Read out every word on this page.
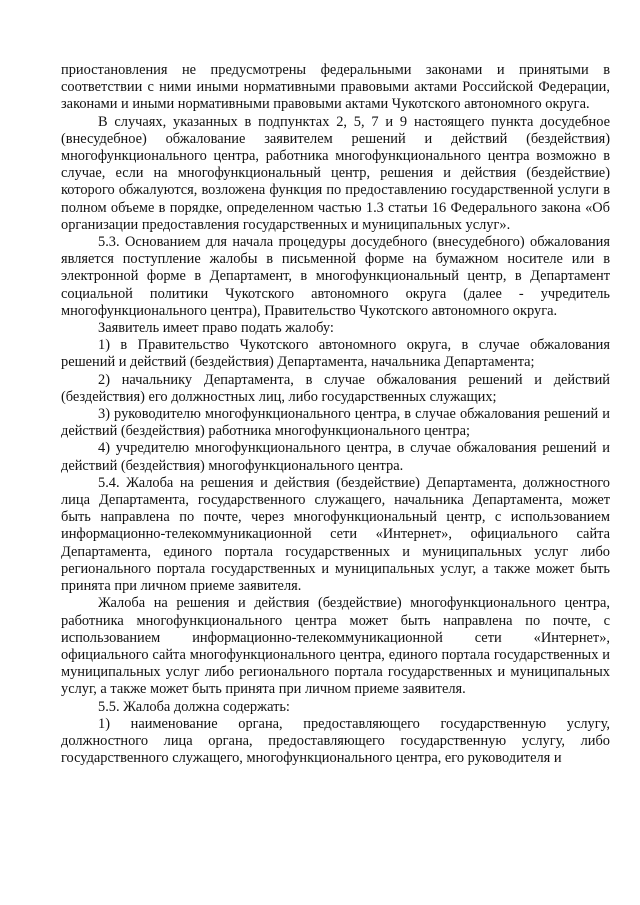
приостановления не предусмотрены федеральными законами и принятыми в соответствии с ними иными нормативными правовыми актами Российской Федерации, законами и иными нормативными правовыми актами Чукотского автономного округа.

В случаях, указанных в подпунктах 2, 5, 7 и 9 настоящего пункта досудебное (внесудебное) обжалование заявителем решений и действий (бездействия) многофункционального центра, работника многофункционального центра возможно в случае, если на многофункциональный центр, решения и действия (бездействие) которого обжалуются, возложена функция по предоставлению государственной услуги в полном объеме в порядке, определенном частью 1.3 статьи 16 Федерального закона «Об организации предоставления государственных и муниципальных услуг».

5.3. Основанием для начала процедуры досудебного (внесудебного) обжалования является поступление жалобы в письменной форме на бумажном носителе или в электронной форме в Департамент, в многофункциональный центр, в Департамент социальной политики Чукотского автономного округа (далее - учредитель многофункционального центра), Правительство Чукотского автономного округа.

Заявитель имеет право подать жалобу:

1) в Правительство Чукотского автономного округа, в случае обжалования решений и действий (бездействия) Департамента, начальника Департамента;

2) начальнику Департамента, в случае обжалования решений и действий (бездействия) его должностных лиц, либо государственных служащих;

3) руководителю многофункционального центра, в случае обжалования решений и действий (бездействия) работника многофункционального центра;

4) учредителю многофункционального центра, в случае обжалования решений и действий (бездействия) многофункционального центра.

5.4. Жалоба на решения и действия (бездействие) Департамента, должностного лица Департамента, государственного служащего, начальника Департамента, может быть направлена по почте, через многофункциональный центр, с использованием информационно-телекоммуникационной сети «Интернет», официального сайта Департамента, единого портала государственных и муниципальных услуг либо регионального портала государственных и муниципальных услуг, а также может быть принята при личном приеме заявителя.

Жалоба на решения и действия (бездействие) многофункционального центра, работника многофункционального центра может быть направлена по почте, с использованием информационно-телекоммуникационной сети «Интернет», официального сайта многофункционального центра, единого портала государственных и муниципальных услуг либо регионального портала государственных и муниципальных услуг, а также может быть принята при личном приеме заявителя.

5.5. Жалоба должна содержать:

1) наименование органа, предоставляющего государственную услугу, должностного лица органа, предоставляющего государственную услугу, либо государственного служащего, многофункционального центра, его руководителя и
